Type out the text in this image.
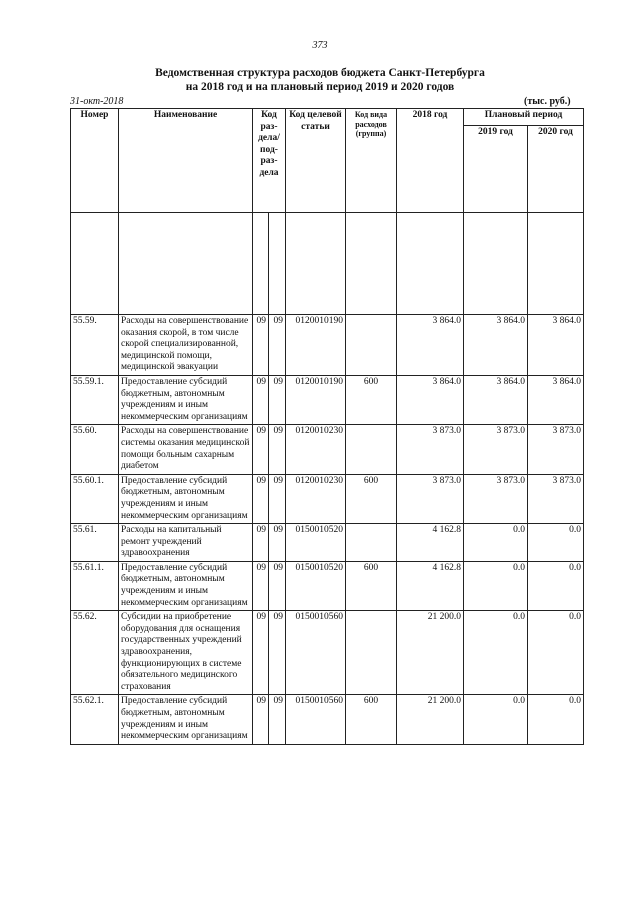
373
Ведомственная структура расходов бюджета Санкт-Петербурга
на 2018 год и на плановый период 2019 и 2020 годов
31-окт-2018	(тыс. руб.)
Номер	Наименование	Код раз-дела/ под-раз-дела		Код целевой статьи	Код вида расходов (группа)	2018 год	Плановый период	
							2019 год	2020 год

55.59.	Расходы на совершенствование оказания скорой, в том числе скорой специализированной, медицинской помощи, медицинской эвакуации	09	09	0120010190		3 864.0	3 864.0	3 864.0
55.59.1.	Предоставление субсидий бюджетным, автономным учреждениям и иным некоммерческим организациям	09	09	0120010190	600	3 864.0	3 864.0	3 864.0
55.60.	Расходы на совершенствование системы оказания медицинской помощи больным сахарным диабетом	09	09	0120010230		3 873.0	3 873.0	3 873.0
55.60.1.	Предоставление субсидий бюджетным, автономным учреждениям и иным некоммерческим организациям	09	09	0120010230	600	3 873.0	3 873.0	3 873.0
55.61.	Расходы на капитальный ремонт учреждений здравоохранения	09	09	0150010520		4 162.8	0.0	0.0
55.61.1.	Предоставление субсидий бюджетным, автономным учреждениям и иным некоммерческим организациям	09	09	0150010520	600	4 162.8	0.0	0.0
55.62.	Субсидии на приобретение оборудования для оснащения государственных учреждений здравоохранения, функционирующих в системе обязательного медицинского страхования	09	09	0150010560		21 200.0	0.0	0.0
55.62.1.	Предоставление субсидий бюджетным, автономным учреждениям и иным некоммерческим организациям	09	09	0150010560	600	21 200.0	0.0	0.0
